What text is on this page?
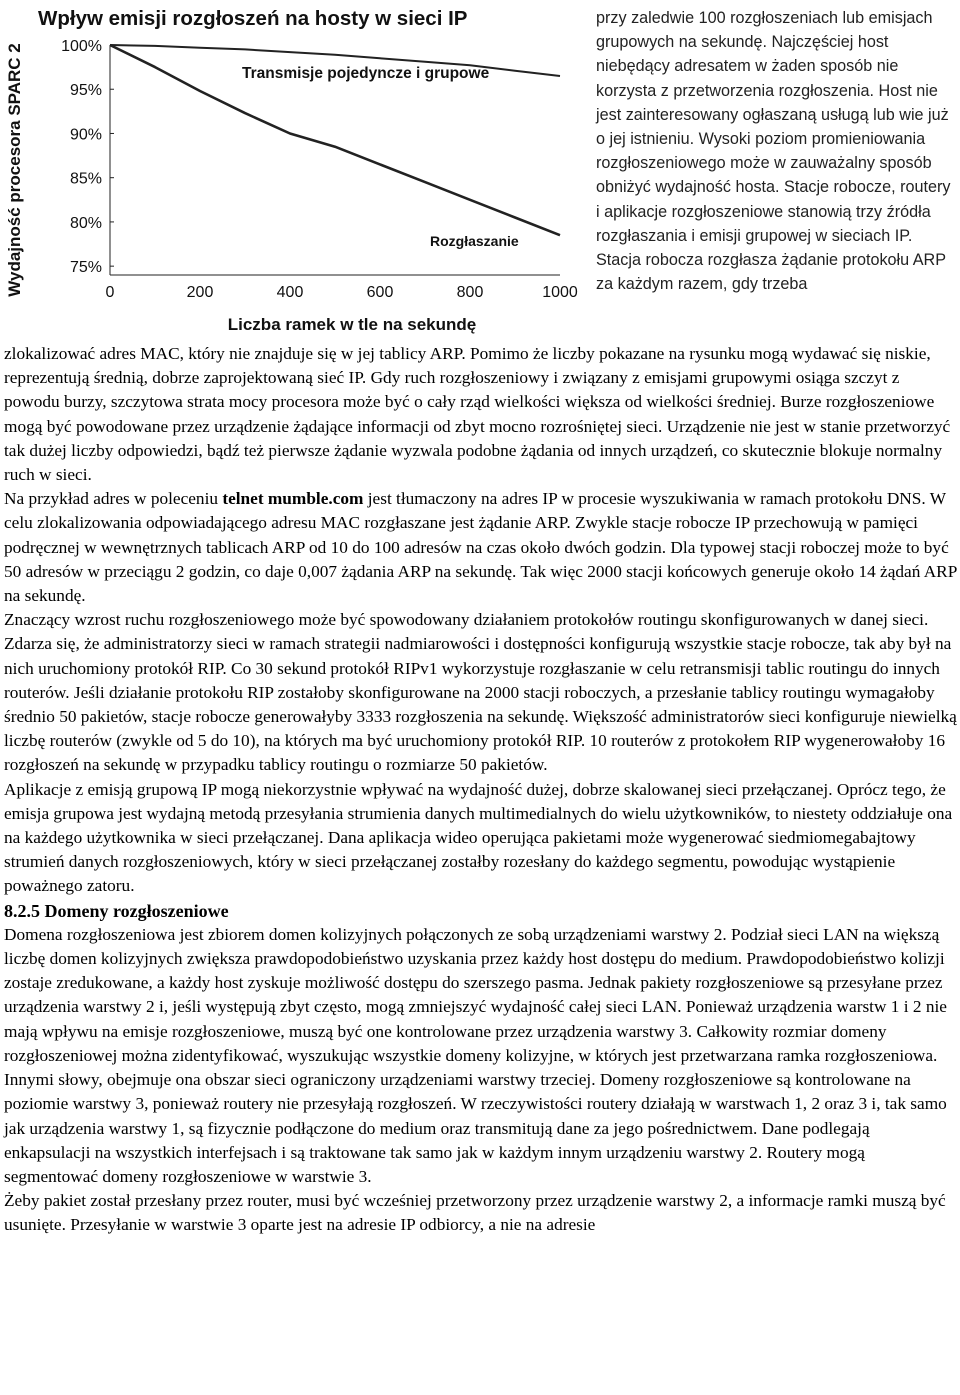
Wpływ emisji rozgłoszeń na hosty w sieci IP
Wydajność procesora SPARC 2
Liczba ramek w tle na sekundę
100%
95%
90%
85%
80%
75%
0	200	400	600	800	1000
Transmisje pojedyncze i grupowe
Rozgłaszanie

przy zaledwie 100 rozgłoszeniach lub emisjach grupowych na sekundę. Najczęściej host niebędący adresatem w żaden sposób nie korzysta z przetworzenia rozgłoszenia. Host nie jest zainteresowany ogłaszaną usługą lub wie już o jej istnieniu. Wysoki poziom promieniowania rozgłoszeniowego może w zauważalny sposób obniżyć wydajność hosta. Stacje robocze, routery i aplikacje rozgłoszeniowe stanowią trzy źródła rozgłaszania i emisji grupowej w sieciach IP.

Stacja robocza rozgłasza żądanie protokołu ARP za każdym razem, gdy trzeba

zlokalizować adres MAC, który nie znajduje się w jej tablicy ARP. Pomimo że liczby pokazane na rysunku mogą wydawać się niskie, reprezentują średnią, dobrze zaprojektowaną sieć IP. Gdy ruch rozgłoszeniowy i związany z emisjami grupowymi osiąga szczyt z powodu burzy, szczytowa strata mocy procesora może być o cały rząd wielkości większa od wielkości średniej. Burze rozgłoszeniowe mogą być powodowane przez urządzenie żądające informacji od zbyt mocno rozrośniętej sieci. Urządzenie nie jest w stanie przetworzyć tak dużej liczby odpowiedzi, bądź też pierwsze żądanie wyzwala podobne żądania od innych urządzeń, co skutecznie blokuje normalny ruch w sieci.

Na przykład adres w poleceniu telnet mumble.com jest tłumaczony na adres IP w procesie wyszukiwania w ramach protokołu DNS. W celu zlokalizowania odpowiadającego adresu MAC rozgłaszane jest żądanie ARP. Zwykle stacje robocze IP przechowują w pamięci podręcznej w wewnętrznych tablicach ARP od 10 do 100 adresów na czas około dwóch godzin. Dla typowej stacji roboczej może to być 50 adresów w przeciągu 2 godzin, co daje 0,007 żądania ARP na sekundę. Tak więc 2000 stacji końcowych generuje około 14 żądań ARP na sekundę.

Znaczący wzrost ruchu rozgłoszeniowego może być spowodowany działaniem protokołów routingu skonfigurowanych w danej sieci. Zdarza się, że administratorzy sieci w ramach strategii nadmiarowości i dostępności konfigurują wszystkie stacje robocze, tak aby był na nich uruchomiony protokół RIP. Co 30 sekund protokół RIPv1 wykorzystuje rozgłaszanie w celu retransmisji tablic routingu do innych routerów. Jeśli działanie protokołu RIP zostałoby skonfigurowane na 2000 stacji roboczych, a przesłanie tablicy routingu wymagałoby średnio 50 pakietów, stacje robocze generowałyby 3333 rozgłoszenia na sekundę. Większość administratorów sieci konfiguruje niewielką liczbę routerów (zwykle od 5 do 10), na których ma być uruchomiony protokół RIP. 10 routerów z protokołem RIP wygenerowałoby 16 rozgłoszeń na sekundę w przypadku tablicy routingu o rozmiarze 50 pakietów.

Aplikacje z emisją grupową IP mogą niekorzystnie wpływać na wydajność dużej, dobrze skalowanej sieci przełączanej. Oprócz tego, że emisja grupowa jest wydajną metodą przesyłania strumienia danych multimedialnych do wielu użytkowników, to niestety oddziałuje ona na każdego użytkownika w sieci przełączanej. Dana aplikacja wideo operująca pakietami może wygenerować siedmiomegabajtowy strumień danych rozgłoszeniowych, który w sieci przełączanej zostałby rozesłany do każdego segmentu, powodując wystąpienie poważnego zatoru.

8.2.5 Domeny rozgłoszeniowe

Domena rozgłoszeniowa jest zbiorem domen kolizyjnych połączonych ze sobą urządzeniami warstwy 2. Podział sieci LAN na większą liczbę domen kolizyjnych zwiększa prawdopodobieństwo uzyskania przez każdy host dostępu do medium. Prawdopodobieństwo kolizji zostaje zredukowane, a każdy host zyskuje możliwość dostępu do szerszego pasma. Jednak pakiety rozgłoszeniowe są przesyłane przez urządzenia warstwy 2 i, jeśli występują zbyt często, mogą zmniejszyć wydajność całej sieci LAN. Ponieważ urządzenia warstw 1 i 2 nie mają wpływu na emisje rozgłoszeniowe, muszą być one kontrolowane przez urządzenia warstwy 3. Całkowity rozmiar domeny rozgłoszeniowej można zidentyfikować, wyszukując wszystkie domeny kolizyjne, w których jest przetwarzana ramka rozgłoszeniowa. Innymi słowy, obejmuje ona obszar sieci ograniczony urządzeniami warstwy trzeciej. Domeny rozgłoszeniowe są kontrolowane na poziomie warstwy 3, ponieważ routery nie przesyłają rozgłoszeń. W rzeczywistości routery działają w warstwach 1, 2 oraz 3 i, tak samo jak urządzenia warstwy 1, są fizycznie podłączone do medium oraz transmitują dane za jego pośrednictwem. Dane podlegają enkapsulacji na wszystkich interfejsach i są traktowane tak samo jak w każdym innym urządzeniu warstwy 2. Routery mogą segmentować domeny rozgłoszeniowe w warstwie 3.

Żeby pakiet został przesłany przez router, musi być wcześniej przetworzony przez urządzenie warstwy 2, a informacje ramki muszą być usunięte. Przesyłanie w warstwie 3 oparte jest na adresie IP odbiorcy, a nie na adresie
